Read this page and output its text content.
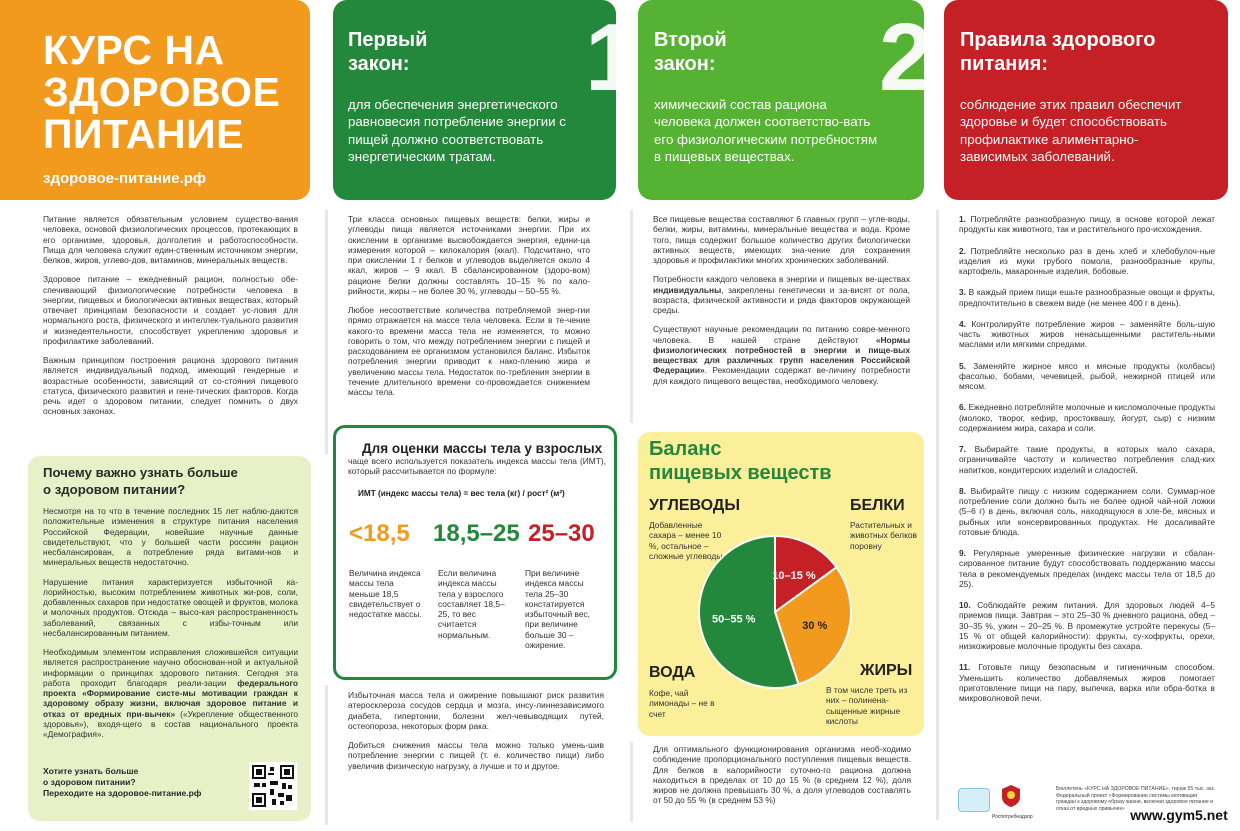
КУРС НА
ЗДОРОВОЕ
ПИТАНИЕ
здоровое-питание.рф
Первый
закон: 1
для обеспечения энергетического равновесия потребление энергии с пищей должно соответствовать энергетическим тратам.
Второй
закон: 2
химический состав рациона человека должен соответство-вать его физиологическим потребностям в пищевых веществах.
Правила здорового
питания:
соблюдение этих правил обеспечит здоровье и будет способствовать профилактике алиментарно-зависимых заболеваний.

Питание является обязательным условием существо-вания человека, основой физиологических процессов, протекающих в его организме, здоровья, долголетия и работоспособности. Пища для человека служит един-ственным источником энергии, белков, жиров, углево-дов, витаминов, минеральных веществ.

Здоровое питание – ежедневный рацион, полностью обе-спечивающий физиологические потребности человека в энергии, пищевых и биологически активных веществах, который отвечает принципам безопасности и создает ус-ловия для нормального роста, физического и интеллек-туального развития и жизнедеятельности, способствует укреплению здоровья и профилактике заболеваний.

Важным принципом построения рациона здорового питания является индивидуальный подход, имеющий гендерные и возрастные особенности, зависящий от со-стояния пищевого статуса, физического развития и гене-тических факторов. Когда речь идет о здоровом питании, следует помнить о двух основных законах.

Почему важно узнать больше
о здоровом питании?

Несмотря на то что в течение последних 15 лет наблю-даются положительные изменения в структуре питания населения Российской Федерации, новейшие научные данные свидетельствуют, что у большей части россиян рацион несбалансирован, а потребление ряда витами-нов и минеральных веществ недостаточно.

Нарушение питания характеризуется избыточной ка-лорийностью, высоким потреблением животных жи-ров, соли, добавленных сахаров при недостатке овощей и фруктов, молока и молочных продуктов. Отсюда – высо-кая распространенность заболеваний, связанных с избы-точным или несбалансированным питанием.

Необходимым элементом исправления сложившейся ситуации является распространение научно обоснован-ной и актуальной информации о принципах здорового питания. Сегодня эта работа проходит благодаря реали-зации федерального проекта «Формирование систе-мы мотивации граждан к здоровому образу жизни, включая здоровое питание и отказ от вредных при-вычек» («Укрепление общественного здоровья»), входя-щего в состав национального проекта «Демография».

Хотите узнать больше
о здоровом питании?
Переходите на здоровое-питание.рф

Три класса основных пищевых веществ: белки, жиры и углеводы пища является источниками энергии. При их окислении в организме высвобождается энергия, едини-ца измерения которой – килокалория (ккал). Подсчитано, что при окислении 1 г белков и углеводов выделяется около 4 ккал, жиров – 9 ккал. В сбалансированном (здоро-вом) рационе белки должны составлять 10–15 % по кало-рийности, жиры – не более 30 %, углеводы – 50–55 %.

Любое несоответствие количества потребляемой энер-гии прямо отражается на массе тела человека. Если в те-чение какого-то времени масса тела не изменяется, то можно говорить о том, что между потреблением энергии с пищей и расходованием ее организмом установился баланс. Избыток потребления энергии приводит к нако-плению жира и увеличению массы тела. Недостаток по-требления энергии в течение длительного времени со-провождается снижением массы тела.

Для оценки массы тела у взрослых
чаще всего используется показатель индекса массы тела (ИМТ), который рассчитывается по формуле:
ИМТ (индекс массы тела) = вес тела (кг) / рост² (м²)
<18,5 18,5–25 25–30
Величина индекса массы тела меньше 18,5 свидетельствует о недостатке массы.
Если величина индекса массы тела у взрослого составляет 18,5–25, то вес считается нормальным.
При величине индекса массы тела 25–30 констатируется избыточный вес, при величине больше 30 – ожирение.

Избыточная масса тела и ожирение повышают риск развития атеросклероза сосудов сердца и мозга, инсу-линнезависимого диабета, гипертонии, болезни жел-чевыводящих путей, остеопороза, некоторых форм рака.

Добиться снижения массы тела можно только умень-шив потребление энергии с пищей (т. е. количество пищи) либо увеличив физическую нагрузку, а лучше и то и другое.

Все пищевые вещества составляют 6 главных групп – угле-воды, белки, жиры, витамины, минеральные вещества и вода. Кроме того, пища содержит большое количество других биологически активных веществ, имеющих зна-чение для сохранения здоровья и профилактики многих хронических заболеваний.

Потребности каждого человека в энергии и пищевых ве-ществах индивидуальны, закреплены генетически и за-висят от пола, возраста, физической активности и ряда факторов окружающей среды.

Существуют научные рекомендации по питанию совре-менного человека. В нашей стране действуют «Нормы физиологических потребностей в энергии и пище-вых веществах для различных групп населения Российской Федерации». Рекомендации содержат ве-личину потребности для каждого пищевого вещества, необходимого человеку.

Баланс
пищевых веществ
УГЛЕВОДЫ
Добавленные сахара – менее 10 %, остальное – сложные углеводы
БЕЛКИ
Растительных и животных белков поровну
ВОДА
Кофе, чай лимонады – не в счет
ЖИРЫ
В том числе треть из них – полинена-сыщенные жирные кислоты
10–15 %
30 %
50–55 %

Для оптимального функционирования организма необ-ходимо соблюдение пропорционального поступления пищевых веществ. Для белков в калорийности суточно-го рациона должна находиться в пределах от 10 до 15 % (в среднем 12 %), доля жиров не должна превышать 30 %, а доля углеводов составлять от 50 до 55 % (в среднем 53 %)

1. Потребляйте разнообразную пищу, в основе которой лежат продукты как животного, так и растительного про-исхождения.

2. Потребляйте несколько раз в день хлеб и хлебобулоч-ные изделия из муки грубого помола, разнообразные крупы, картофель, макаронные изделия, бобовые.

3. В каждый прием пищи ешьте разнообразные овощи и фрукты, предпочтительно в свежем виде (не менее 400 г в день).

4. Контролируйте потребление жиров – заменяйте боль-шую часть животных жиров ненасыщенными раститель-ными маслами или мягкими спредами.

5. Заменяйте жирное мясо и мясные продукты (колбасы) фасолью, бобами, чечевицей, рыбой, нежирной птицей или мясом.

6. Ежедневно потребляйте молочные и кисломолочные продукты (молоко, творог, кефир, простоквашу, йогурт, сыр) с низким содержанием жира, сахара и соли.

7. Выбирайте такие продукты, в которых мало сахара, ограничивайте частоту и количество потребления слад-ких напитков, кондитерских изделий и сладостей.

8. Выбирайте пищу с низким содержанием соли. Суммар-ное потребление соли должно быть не более одной чай-ной ложки (5–6 г) в день, включая соль, находящуюся в хле-бе, мясных и рыбных или консервированных продуктах. Не досаливайте готовые блюда.

9. Регулярные умеренные физические нагрузки и сбалан-сированное питание будут способствовать поддержанию массы тела в рекомендуемых пределах (индекс массы тела от 18,5 до 25).

10. Соблюдайте режим питания. Для здоровых людей 4–5 приемов пищи. Завтрак – это 25–30 % дневного рациона, обед – 30–35 %, ужин – 20–25 %. В промежутке устройте перекусы (5–15 % от общей калорийности): фрукты, су-хофрукты, орехи, низкожировые молочные продукты без сахара.

11. Готовьте пищу безопасным и гигиеничным способом. Уменьшить количество добавляемых жиров помогает приготовление пищи на пару, выпечка, варка или обра-ботка в микроволновой печи.

Роспотребнадзор
Бюллетень «КУРС НА ЗДОРОВОЕ ПИТАНИЕ», тираж 55 тыс. экз. Федеральный проект «Формирование системы мотивации граждан к здоровому образу жизни, включая здоровое питание и отказ от вредных привычек» www.gym5.net
